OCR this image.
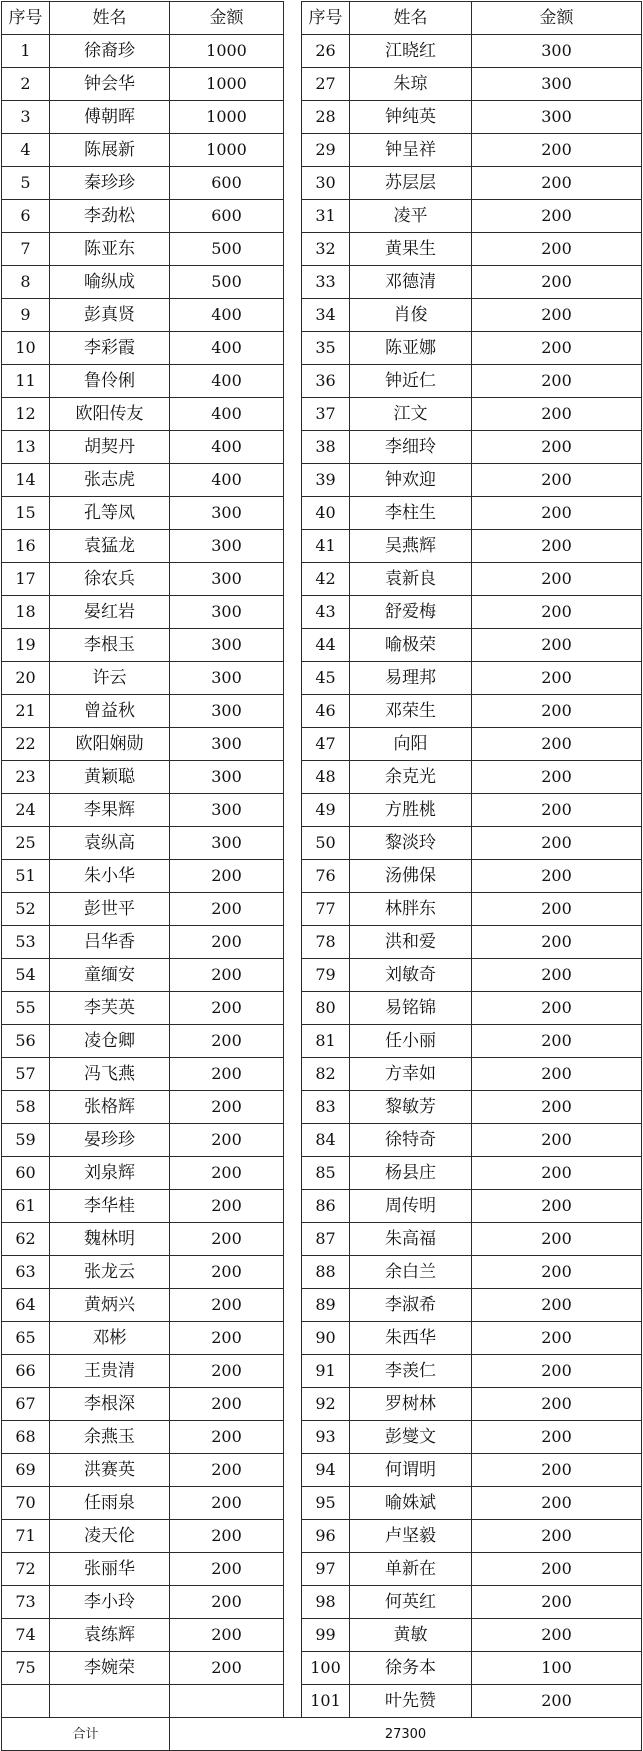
序号	姓名	金额		序号	姓名	金额
1	徐裔珍	1000		26	江晓红	300
2	钟会华	1000		27	朱琼	300
3	傅朝晖	1000		28	钟纯英	300
4	陈展新	1000		29	钟呈祥	200
5	秦珍珍	600		30	苏层层	200
6	李劲松	600		31	凌平	200
7	陈亚东	500		32	黄果生	200
8	喻纵成	500		33	邓德清	200
9	彭真贤	400		34	肖俊	200
10	李彩霞	400		35	陈亚娜	200
11	鲁伶俐	400		36	钟近仁	200
12	欧阳传友	400		37	江文	200
13	胡契丹	400		38	李细玲	200
14	张志虎	400		39	钟欢迎	200
15	孔等凤	300		40	李柱生	200
16	袁猛龙	300		41	吴燕辉	200
17	徐农兵	300		42	袁新良	200
18	晏红岩	300		43	舒爱梅	200
19	李根玉	300		44	喻极荣	200
20	许云	300		45	易理邦	200
21	曾益秋	300		46	邓荣生	200
22	欧阳娴勋	300		47	向阳	200
23	黄颖聪	300		48	余克光	200
24	李果辉	300		49	方胜桃	200
25	袁纵高	300		50	黎淡玲	200
51	朱小华	200		76	汤佛保	200
52	彭世平	200		77	林胖东	200
53	吕华香	200		78	洪和爱	200
54	童缅安	200		79	刘敏奇	200
55	李芙英	200		80	易铭锦	200
56	凌仓卿	200		81	任小丽	200
57	冯飞燕	200		82	方幸如	200
58	张格辉	200		83	黎敏芳	200
59	晏珍珍	200		84	徐特奇	200
60	刘泉辉	200		85	杨县庄	200
61	李华桂	200		86	周传明	200
62	魏林明	200		87	朱高福	200
63	张龙云	200		88	余白兰	200
64	黄炳兴	200		89	李淑希	200
65	邓彬	200		90	朱西华	200
66	王贵清	200		91	李羡仁	200
67	李根深	200		92	罗树林	200
68	余燕玉	200		93	彭燮文	200
69	洪赛英	200		94	何谓明	200
70	任雨泉	200		95	喻姝斌	200
71	凌天伦	200		96	卢坚毅	200
72	张丽华	200		97	单新在	200
73	李小玲	200		98	何英红	200
74	袁练辉	200		99	黄敏	200
75	李婉荣	200		100	徐务本	100
				101	叶先赞	200
合计		27300				
